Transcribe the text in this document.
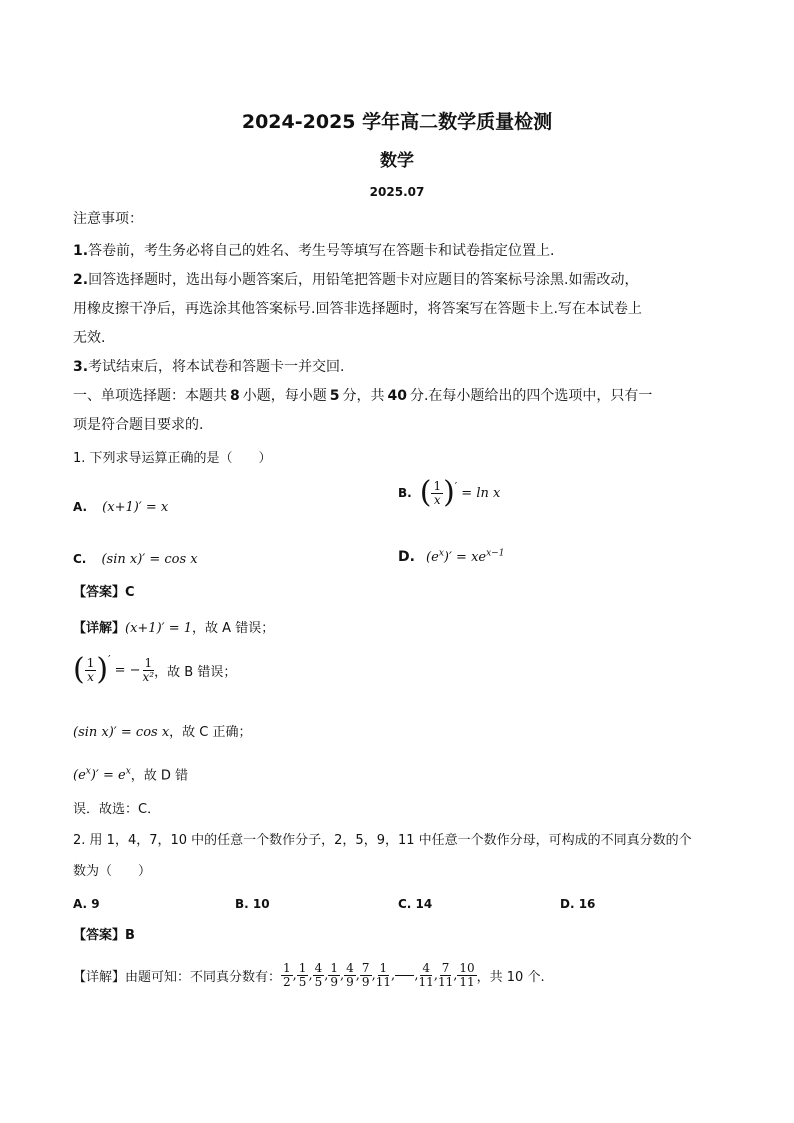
2024-2025 学年高二数学质量检测
数学
2025.07
注意事项：
1.答卷前，考生务必将自己的姓名、考生号等填写在答题卡和试卷指定位置上.
2.回答选择题时，选出每小题答案后，用铅笔把答题卡对应题目的答案标号涂黑.如需改动，
用橡皮擦干净后，再选涂其他答案标号.回答非选择题时，将答案写在答题卡上.写在本试卷上
无效.
3.考试结束后，将本试卷和答题卡一并交回.
一、单项选择题：本题共 8 小题，每小题 5 分，共 40 分.在每小题给出的四个选项中，只有一
项是符合题目要求的.
1. 下列求导运算正确的是（　　）
A. (x+1)′ = x
B. ( $\frac{1}{x}$ ) ′ = ln x
C. (sin x)′ = cos x	D. $(e^x)' = xe^{x-1}$
【答案】C
【详解】(x+1)′ = 1，故 A 错误；
( $\frac{1}{x}$ ) ′
= − $\frac{1}{\text{x²}}$ ，故 B 错误；
(sin x)′ = cos x，故 C 正确；
$(e^x)' = e^x$，故 D 错
误．故选：C．
2. 用 1，4，7，10 中的任意一个数作分子，2，5，9，11 中任意一个数作分母，可构成的不同真分数的个
数为（　　）
A. 9	B. 10	C. 14	D. 16
【答案】B
【详解】由题可知：不同真分数有： $\frac{1}{2}$ , $\frac{1}{5}$ , $\frac{4}{5}$ , $\frac{1}{9}$ , $\frac{4}{9}$ , $\frac{7}{9}$ , $\frac{1}{11}$ ,

, $\frac{4}{11}$ , $\frac{7}{11}$ , $\frac{10}{11}$ ，共 10 个.
